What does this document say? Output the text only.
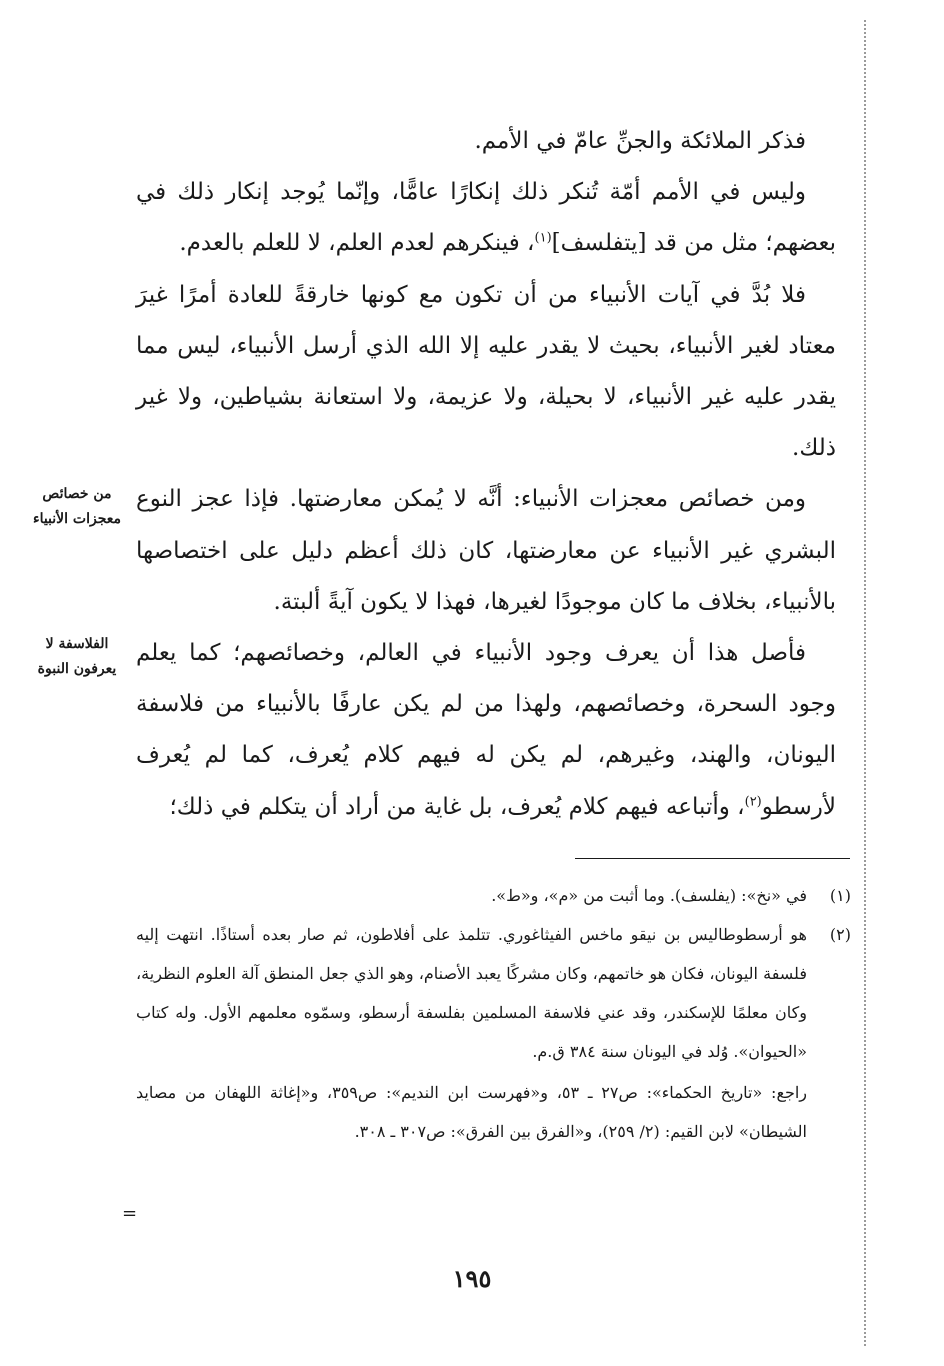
فذكر الملائكة والجنِّ عامّ في الأمم.

وليس في الأمم أمّة تُنكر ذلك إنكارًا عامًّا، وإنّما يُوجد إنكار ذلك في بعضهم؛ مثل من قد [يتفلسف]$^{(١)}$، فينكرهم لعدم العلم، لا للعلم بالعدم.

فلا بُدَّ في آيات الأنبياء من أن تكون مع كونها خارقةً للعادة أمرًا غيرَ معتاد لغير الأنبياء، بحيث لا يقدر عليه إلا الله الذي أرسل الأنبياء، ليس مما يقدر عليه غير الأنبياء، لا بحيلة، ولا عزيمة، ولا استعانة بشياطين، ولا غير ذلك.

ومن خصائص معجزات الأنبياء: أنَّه لا يُمكن معارضتها. فإذا عجز النوع البشري غير الأنبياء عن معارضتها، كان ذلك أعظم دليل على اختصاصها بالأنبياء، بخلاف ما كان موجودًا لغيرها، فهذا لا يكون آيةً ألبتة.

فأصل هذا أن يعرف وجود الأنبياء في العالم، وخصائصهم؛ كما يعلم وجود السحرة، وخصائصهم، ولهذا من لم يكن عارفًا بالأنبياء من فلاسفة اليونان، والهند، وغيرهم، لم يكن له فيهم كلام يُعرف، كما لم يُعرف لأرسطو$^{(٢)}$، وأتباعه فيهم كلام يُعرف، بل غاية من أراد أن يتكلم في ذلك؛

من خصائص معجزات الأنبياء
الفلاسفة لا يعرفون النبوة
(١)
في «نخ»: (يفلسف). وما أثبت من «م»، و«ط».
(٢)
هو أرسطوطاليس بن نيقو ماخس الفيثاغوري. تتلمذ على أفلاطون، ثم صار بعده أستاذًا. انتهت إليه فلسفة اليونان، فكان هو خاتمهم، وكان مشركًا يعبد الأصنام، وهو الذي جعل المنطق آلة العلوم النظرية، وكان معلمًا للإسكندر، وقد عني فلاسفة المسلمين بفلسفة أرسطو، وسمّوه معلمهم الأول. وله كتاب «الحيوان». وُلد في اليونان سنة ٣٨٤ ق.م.
راجع: «تاريخ الحكماء»: ص٢٧ ـ ٥٣، و«فهرست ابن النديم»: ص٣٥٩، و«إغاثة اللهفان من مصايد الشيطان» لابن القيم: (٢/ ٢٥٩)، و«الفرق بين الفرق»: ص٣٠٧ ـ ٣٠٨.
=
١٩٥
